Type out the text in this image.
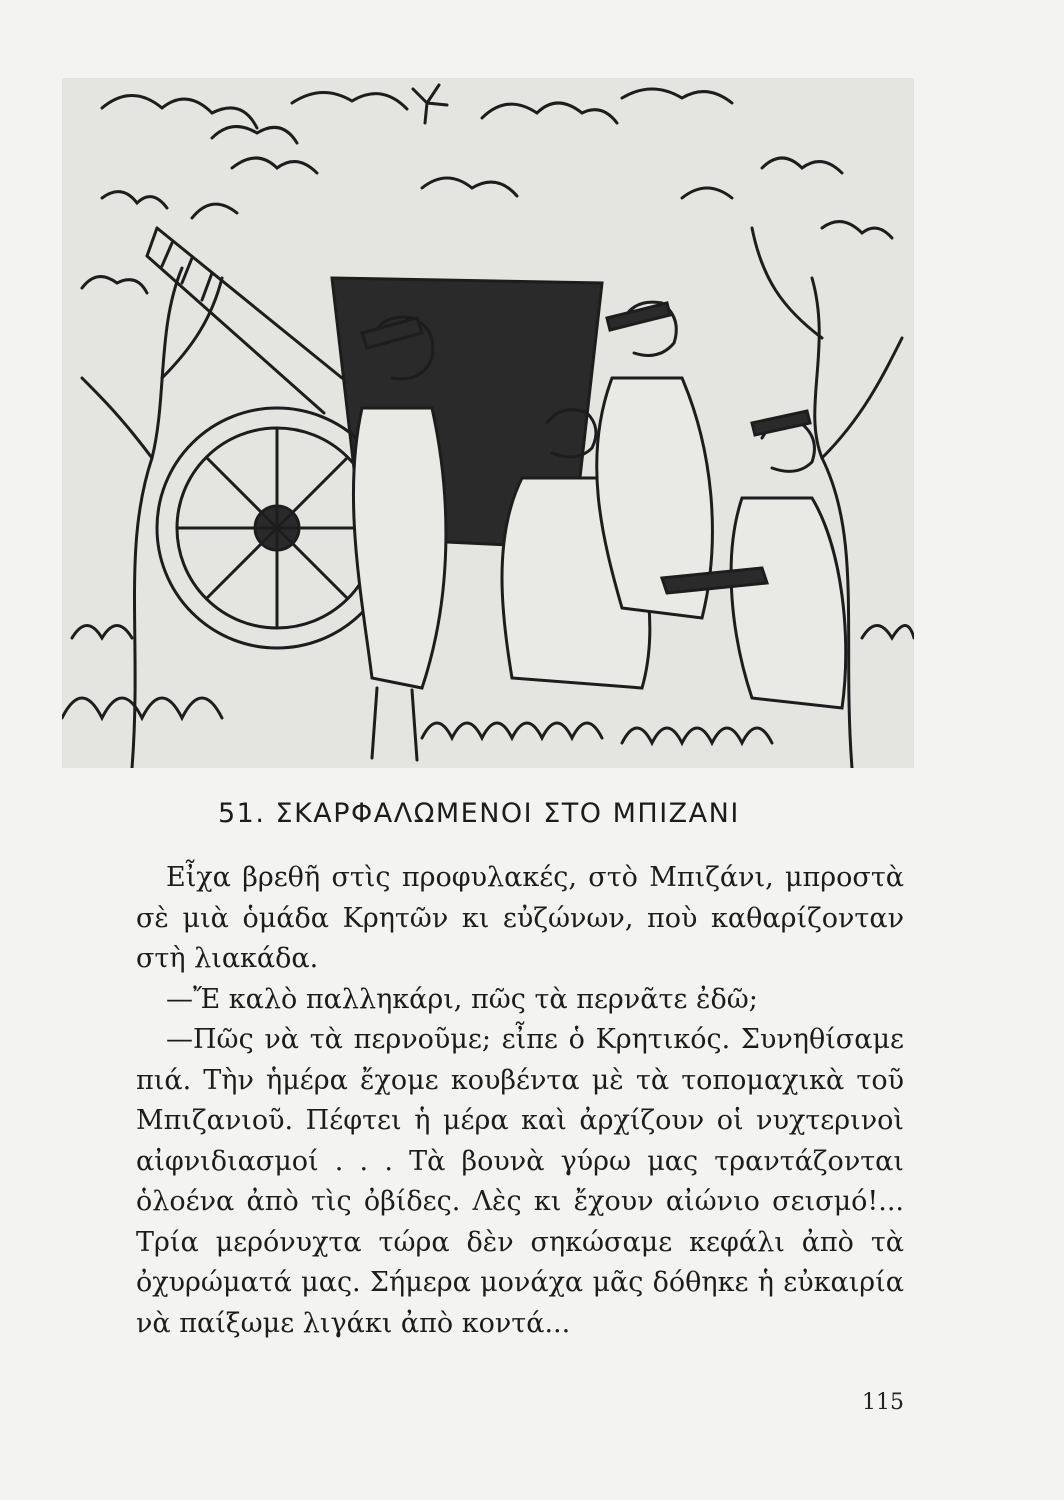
51. ΣΚΑΡΦΑΛΩΜΕΝΟΙ ΣΤΟ ΜΠΙΖΑΝΙ

Εἶχα βρεθῆ στὶς προφυλακές, στὸ Μπιζάνι, μπροστὰ σὲ μιὰ ὁμάδα Κρητῶν κι εὐζώνων, ποὺ καθαρίζονταν στὴ λιακάδα.

—Ἔ καλὸ παλληκάρι, πῶς τὰ περνᾶτε ἐδῶ;

—Πῶς νὰ τὰ περνοῦμε; εἶπε ὁ Κρητικός. Συνηθίσαμε πιά. Τὴν ἡμέρα ἔχομε κουβέντα μὲ τὰ τοπομαχικὰ τοῦ Μπιζανιοῦ. Πέφτει ἡ μέρα καὶ ἀρχίζουν οἱ νυχτερινοὶ αἰφνιδιασμοί . . . Τὰ βουνὰ γύρω μας τραντάζονται ὁλοένα ἀπὸ τὶς ὀβίδες. Λὲς κι ἔχουν αἰώνιο σεισμό!... Τρία μερόνυχτα τώρα δὲν σηκώσαμε κεφάλι ἀπὸ τὰ ὀχυρώματά μας. Σήμερα μονάχα μᾶς δόθηκε ἡ εὐκαιρία νὰ παίξωμε λιγάκι ἀπὸ κοντά...

115
